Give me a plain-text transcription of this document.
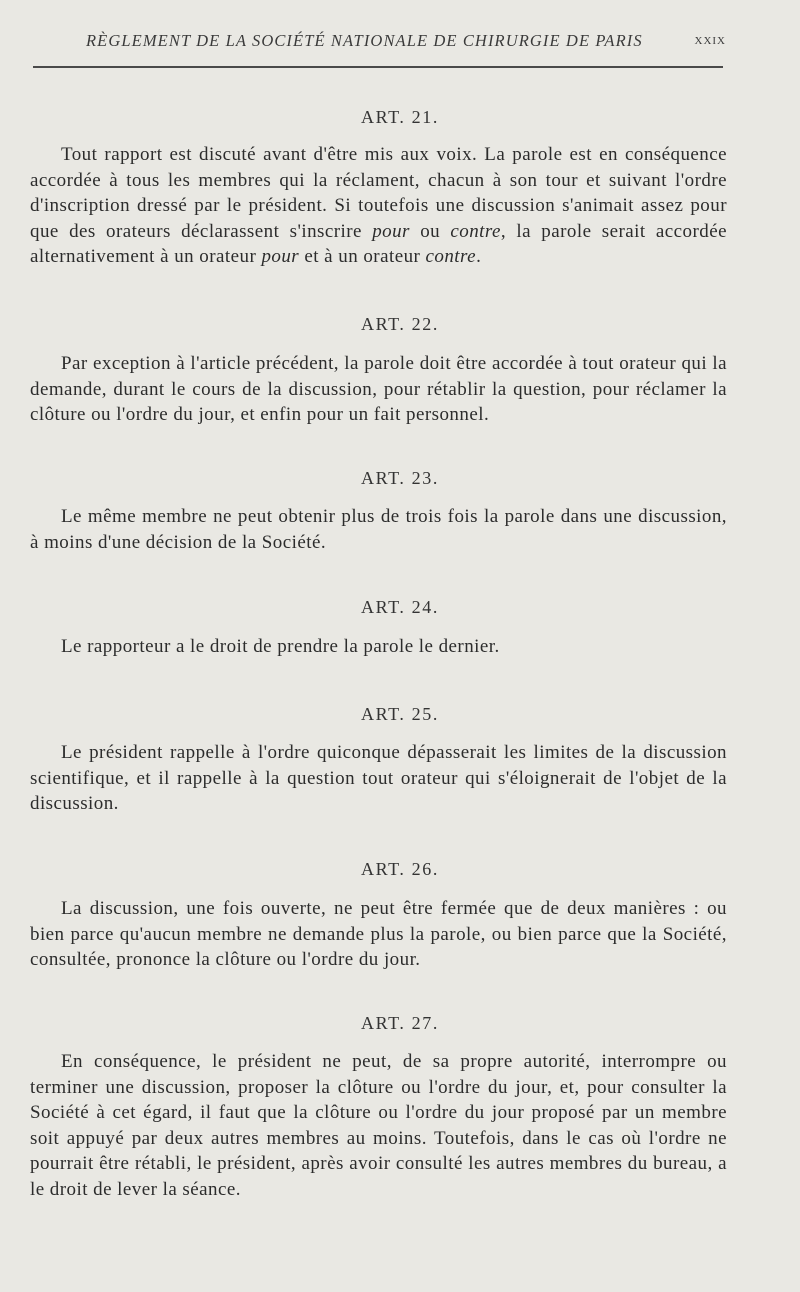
RÈGLEMENT DE LA SOCIÉTÉ NATIONALE DE CHIRURGIE DE PARIS	xxix
ART. 21.

Tout rapport est discuté avant d'être mis aux voix. La parole est en conséquence accordée à tous les membres qui la réclament, chacun à son tour et suivant l'ordre d'inscription dressé par le président. Si toutefois une discussion s'animait assez pour que des orateurs déclarassent s'inscrire pour ou contre, la parole serait accordée alternativement à un orateur pour et à un orateur contre.

ART. 22.

Par exception à l'article précédent, la parole doit être accordée à tout orateur qui la demande, durant le cours de la discussion, pour rétablir la question, pour réclamer la clôture ou l'ordre du jour, et enfin pour un fait personnel.

ART. 23.

Le même membre ne peut obtenir plus de trois fois la parole dans une discussion, à moins d'une décision de la Société.

ART. 24.

Le rapporteur a le droit de prendre la parole le dernier.

ART. 25.

Le président rappelle à l'ordre quiconque dépasserait les limites de la discussion scientifique, et il rappelle à la question tout orateur qui s'éloignerait de l'objet de la discussion.

ART. 26.

La discussion, une fois ouverte, ne peut être fermée que de deux manières : ou bien parce qu'aucun membre ne demande plus la parole, ou bien parce que la Société, consultée, prononce la clôture ou l'ordre du jour.

ART. 27.

En conséquence, le président ne peut, de sa propre autorité, interrompre ou terminer une discussion, proposer la clôture ou l'ordre du jour, et, pour consulter la Société à cet égard, il faut que la clôture ou l'ordre du jour proposé par un membre soit appuyé par deux autres membres au moins. Toutefois, dans le cas où l'ordre ne pourrait être rétabli, le président, après avoir consulté les autres membres du bureau, a le droit de lever la séance.
